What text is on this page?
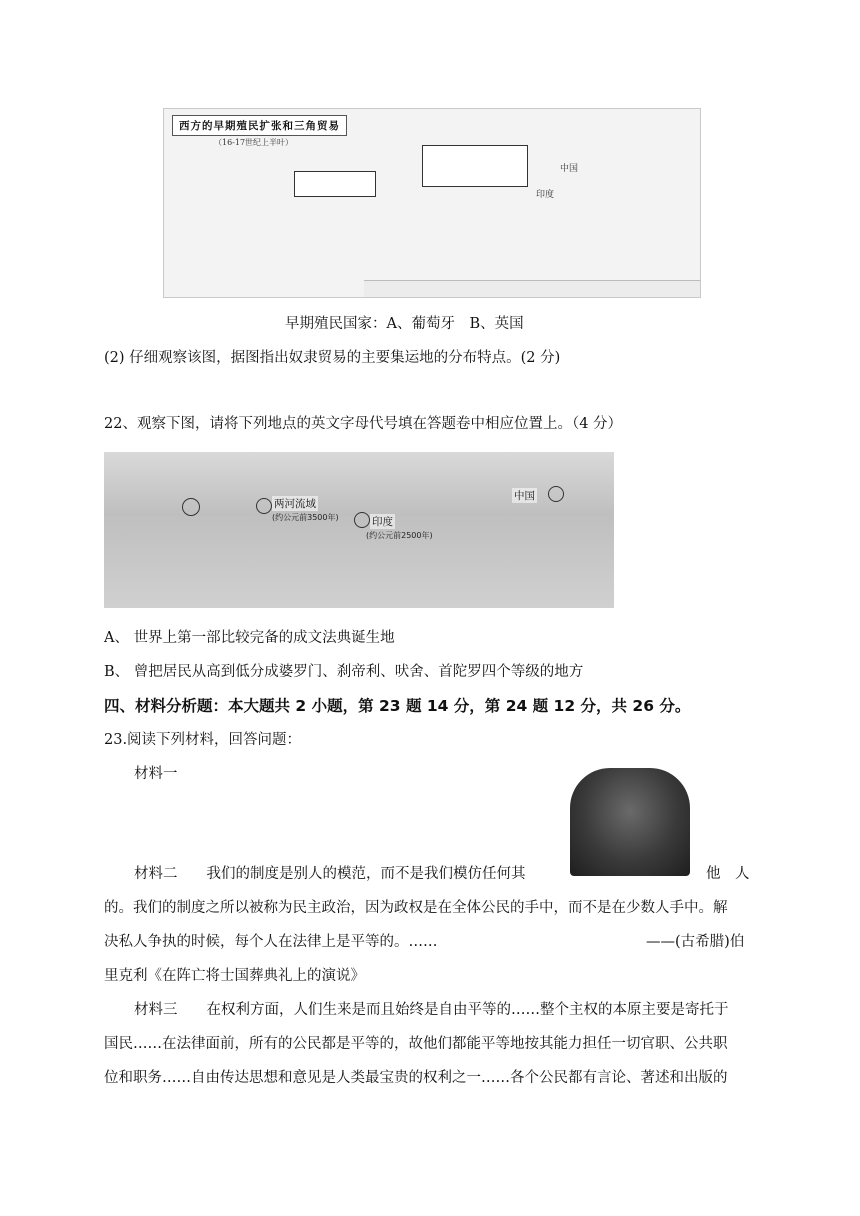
西方的早期殖民扩张和三角贸易
（16-17世纪上半叶）
中国
印度
早期殖民国家：A、葡萄牙　B、英国
(2) 仔细观察该图，据图指出奴隶贸易的主要集运地的分布特点。(2 分)
22、观察下图，请将下列地点的英文字母代号填在答题卷中相应位置上。（4 分）
两河流域
(约公元前3500年)	印度
(约公元前2500年)
中国
A、 世界上第一部比较完备的成文法典诞生地
B、 曾把居民从高到低分成婆罗门、刹帝利、吠舍、首陀罗四个等级的地方
四、材料分析题：本大题共 2 小题，第 23 题 14 分，第 24 题 12 分，共 26 分。
23.阅读下列材料，回答问题：
材料一
材料二　　我们的制度是别人的模范，而不是我们模仿任何其	他　人
的。我们的制度之所以被称为民主政治，因为政权是在全体公民的手中，而不是在少数人手中。解
决私人争执的时候，每个人在法律上是平等的。……	——(古希腊)伯
里克利《在阵亡将士国葬典礼上的演说》
材料三　　在权利方面，人们生来是而且始终是自由平等的……整个主权的本原主要是寄托于
国民……在法律面前，所有的公民都是平等的，故他们都能平等地按其能力担任一切官职、公共职
位和职务……自由传达思想和意见是人类最宝贵的权利之一……各个公民都有言论、著述和出版的
